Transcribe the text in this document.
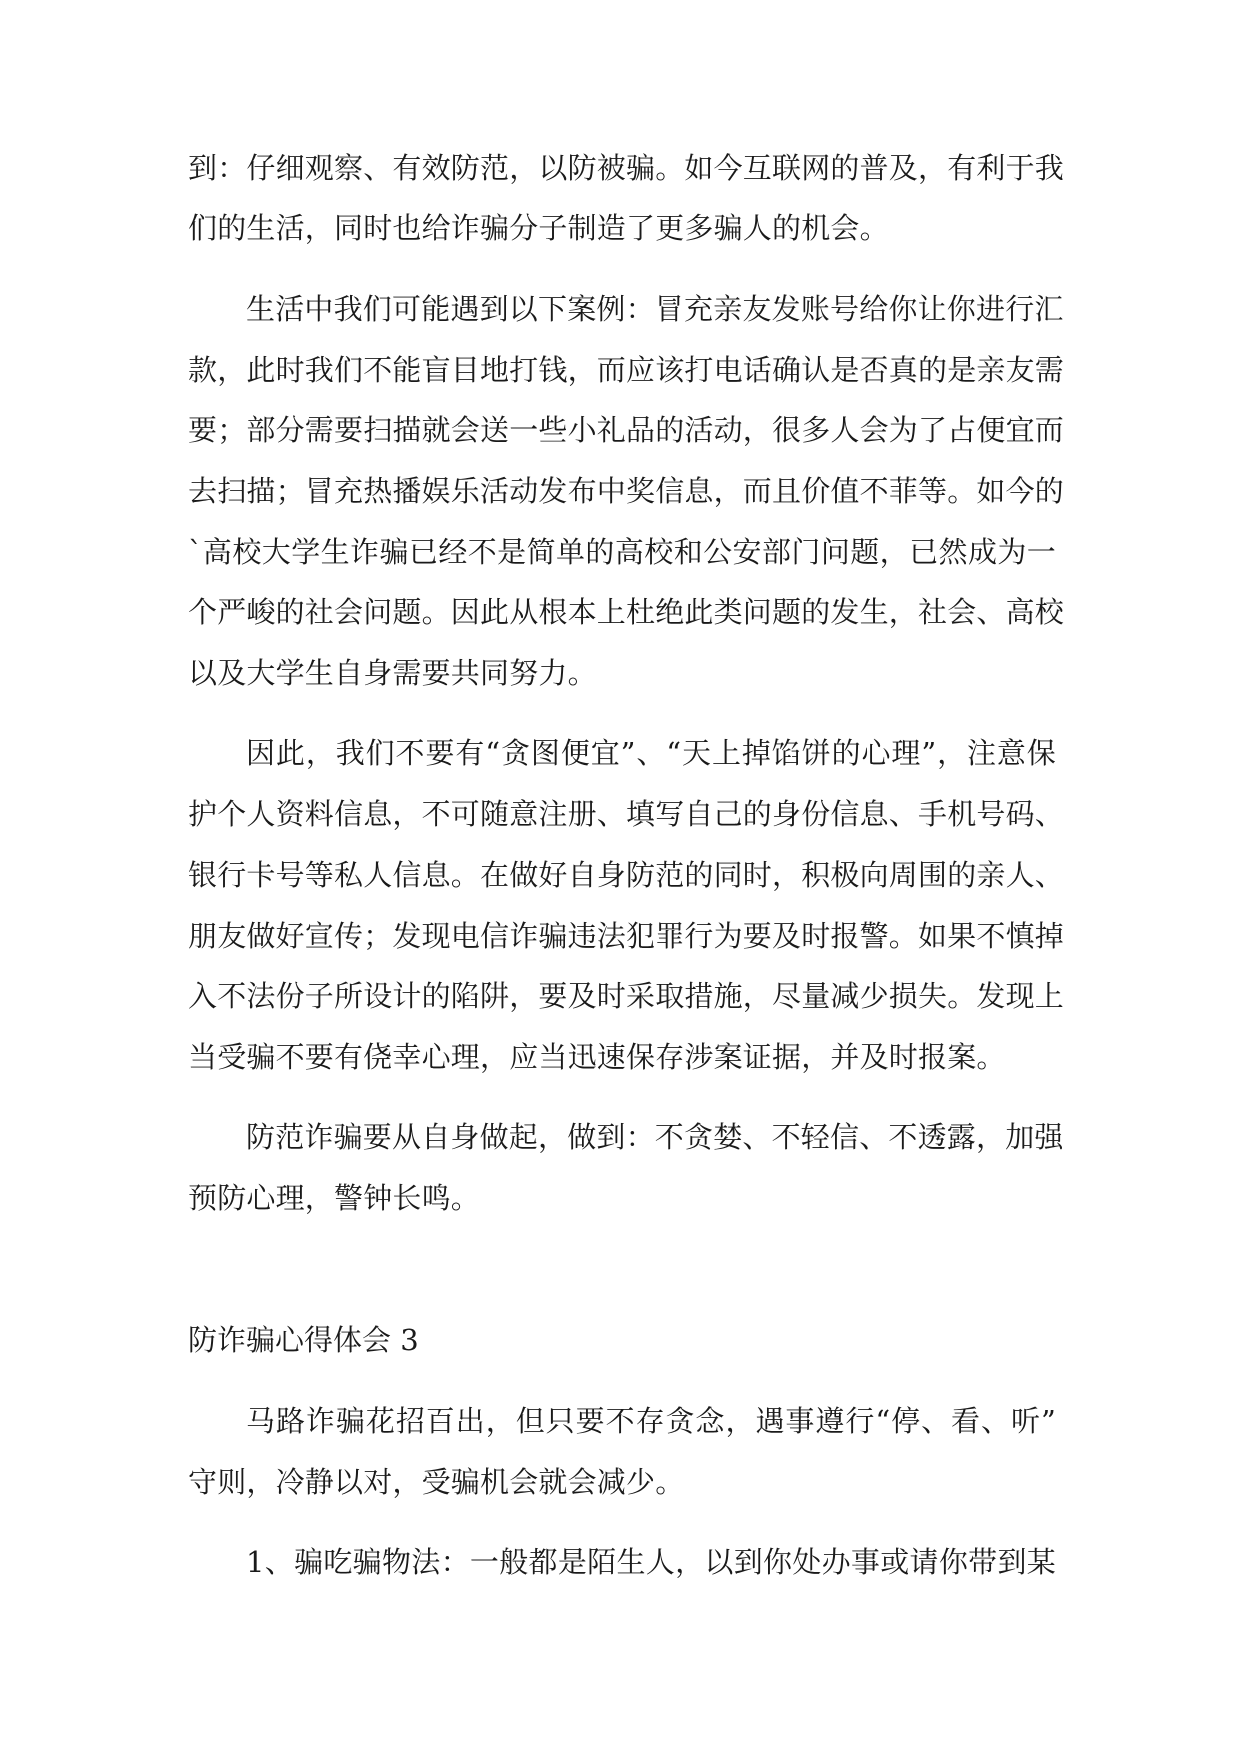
到：仔细观察、有效防范，以防被骗。如今互联网的普及，有利于我
们的生活，同时也给诈骗分子制造了更多骗人的机会。
生活中我们可能遇到以下案例：冒充亲友发账号给你让你进行汇
款，此时我们不能盲目地打钱，而应该打电话确认是否真的是亲友需
要；部分需要扫描就会送一些小礼品的活动，很多人会为了占便宜而
去扫描；冒充热播娱乐活动发布中奖信息，而且价值不菲等。如今的
`高校大学生诈骗已经不是简单的高校和公安部门问题，已然成为一
个严峻的社会问题。因此从根本上杜绝此类问题的发生，社会、高校
以及大学生自身需要共同努力。
因此，我们不要有“贪图便宜”、“天上掉馅饼的心理”，注意保
护个人资料信息，不可随意注册、填写自己的身份信息、手机号码、
银行卡号等私人信息。在做好自身防范的同时，积极向周围的亲人、
朋友做好宣传；发现电信诈骗违法犯罪行为要及时报警。如果不慎掉
入不法份子所设计的陷阱，要及时采取措施，尽量减少损失。发现上
当受骗不要有侥幸心理，应当迅速保存涉案证据，并及时报案。
防范诈骗要从自身做起，做到：不贪婪、不轻信、不透露，加强
预防心理，警钟长鸣。
防诈骗心得体会 3
马路诈骗花招百出，但只要不存贪念，遇事遵行“停、看、听”
守则，冷静以对，受骗机会就会减少。
1、骗吃骗物法：一般都是陌生人，以到你处办事或请你带到某
